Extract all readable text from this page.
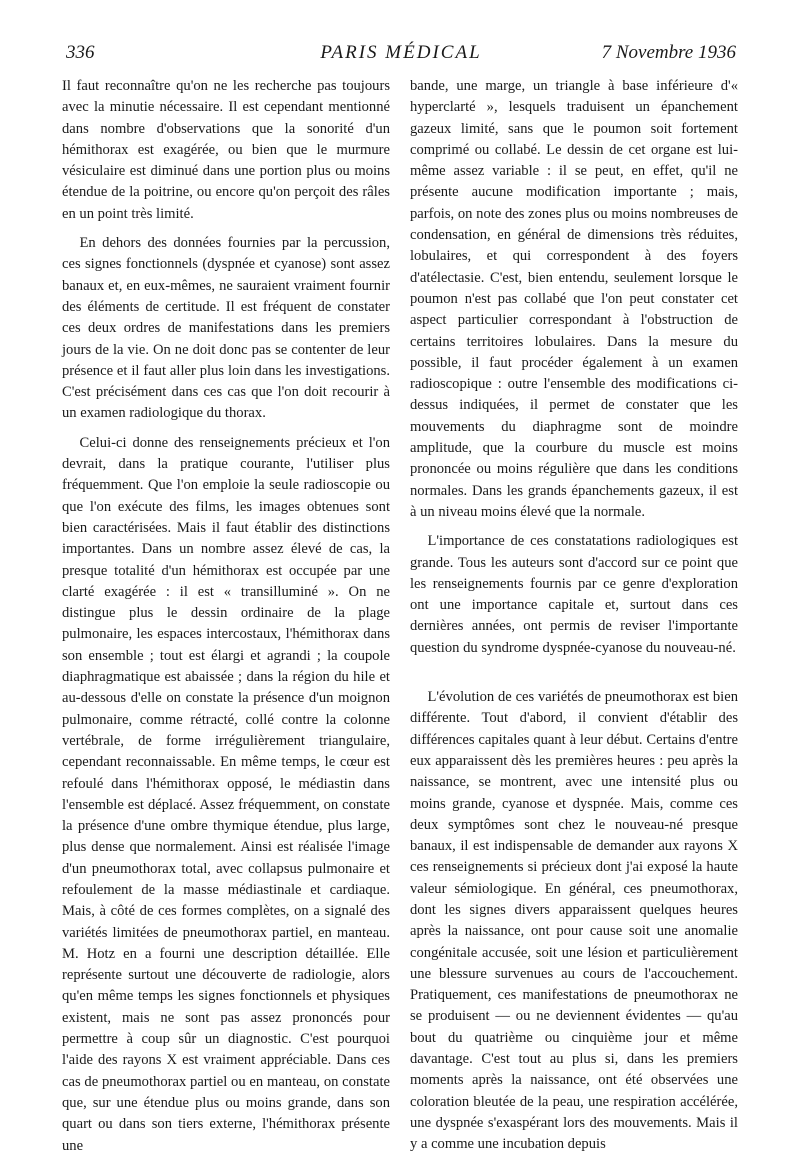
336	PARIS MÉDICAL	7 Novembre 1936

Il faut reconnaître qu'on ne les recherche pas toujours avec la minutie nécessaire. Il est cependant mentionné dans nombre d'observations que la sonorité d'un hémithorax est exagérée, ou bien que le murmure vésiculaire est diminué dans une portion plus ou moins étendue de la poitrine, ou encore qu'on perçoit des râles en un point très limité.

En dehors des données fournies par la percussion, ces signes fonctionnels (dyspnée et cyanose) sont assez banaux et, en eux-mêmes, ne sauraient vraiment fournir des éléments de certitude. Il est fréquent de constater ces deux ordres de manifestations dans les premiers jours de la vie. On ne doit donc pas se contenter de leur présence et il faut aller plus loin dans les investigations. C'est précisément dans ces cas que l'on doit recourir à un examen radiologique du thorax.

Celui-ci donne des renseignements précieux et l'on devrait, dans la pratique courante, l'utiliser plus fréquemment. Que l'on emploie la seule radioscopie ou que l'on exécute des films, les images obtenues sont bien caractérisées. Mais il faut établir des distinctions importantes. Dans un nombre assez élevé de cas, la presque totalité d'un hémithorax est occupée par une clarté exagérée : il est « transilluminé ». On ne distingue plus le dessin ordinaire de la plage pulmonaire, les espaces intercostaux, l'hémithorax dans son ensemble ; tout est élargi et agrandi ; la coupole diaphragmatique est abaissée ; dans la région du hile et au-dessous d'elle on constate la présence d'un moignon pulmonaire, comme rétracté, collé contre la colonne vertébrale, de forme irrégulièrement triangulaire, cependant reconnaissable. En même temps, le cœur est refoulé dans l'hémithorax opposé, le médiastin dans l'ensemble est déplacé. Assez fréquemment, on constate la présence d'une ombre thymique étendue, plus large, plus dense que normalement. Ainsi est réalisée l'image d'un pneumothorax total, avec collapsus pulmonaire et refoulement de la masse médiastinale et cardiaque. Mais, à côté de ces formes complètes, on a signalé des variétés limitées de pneumothorax partiel, en manteau. M. Hotz en a fourni une description détaillée. Elle représente surtout une découverte de radiologie, alors qu'en même temps les signes fonctionnels et physiques existent, mais ne sont pas assez prononcés pour permettre à coup sûr un diagnostic. C'est pourquoi l'aide des rayons X est vraiment appréciable. Dans ces cas de pneumothorax partiel ou en manteau, on constate que, sur une étendue plus ou moins grande, dans son quart ou dans son tiers externe, l'hémithorax présente une

bande, une marge, un triangle à base inférieure d'« hyperclarté », lesquels traduisent un épanchement gazeux limité, sans que le poumon soit fortement comprimé ou collabé. Le dessin de cet organe est lui-même assez variable : il se peut, en effet, qu'il ne présente aucune modification importante ; mais, parfois, on note des zones plus ou moins nombreuses de condensation, en général de dimensions très réduites, lobulaires, et qui correspondent à des foyers d'atélectasie. C'est, bien entendu, seulement lorsque le poumon n'est pas collabé que l'on peut constater cet aspect particulier correspondant à l'obstruction de certains territoires lobulaires. Dans la mesure du possible, il faut procéder également à un examen radioscopique : outre l'ensemble des modifications ci-dessus indiquées, il permet de constater que les mouvements du diaphragme sont de moindre amplitude, que la courbure du muscle est moins prononcée ou moins régulière que dans les conditions normales. Dans les grands épanchements gazeux, il est à un niveau moins élevé que la normale.

L'importance de ces constatations radiologiques est grande. Tous les auteurs sont d'accord sur ce point que les renseignements fournis par ce genre d'exploration ont une importance capitale et, surtout dans ces dernières années, ont permis de reviser l'importante question du syndrome dyspnée-cyanose du nouveau-né.

L'évolution de ces variétés de pneumothorax est bien différente. Tout d'abord, il convient d'établir des différences capitales quant à leur début. Certains d'entre eux apparaissent dès les premières heures : peu après la naissance, se montrent, avec une intensité plus ou moins grande, cyanose et dyspnée. Mais, comme ces deux symptômes sont chez le nouveau-né presque banaux, il est indispensable de demander aux rayons X ces renseignements si précieux dont j'ai exposé la haute valeur sémiologique. En général, ces pneumothorax, dont les signes divers apparaissent quelques heures après la naissance, ont pour cause soit une anomalie congénitale accusée, soit une lésion et particulièrement une blessure survenues au cours de l'accouchement. Pratiquement, ces manifestations de pneumothorax ne se produisent — ou ne deviennent évidentes — qu'au bout du quatrième ou cinquième jour et même davantage. C'est tout au plus si, dans les premiers moments après la naissance, ont été observées une coloration bleutée de la peau, une respiration accélérée, une dyspnée s'exaspérant lors des mouvements. Mais il y a comme une incubation depuis
